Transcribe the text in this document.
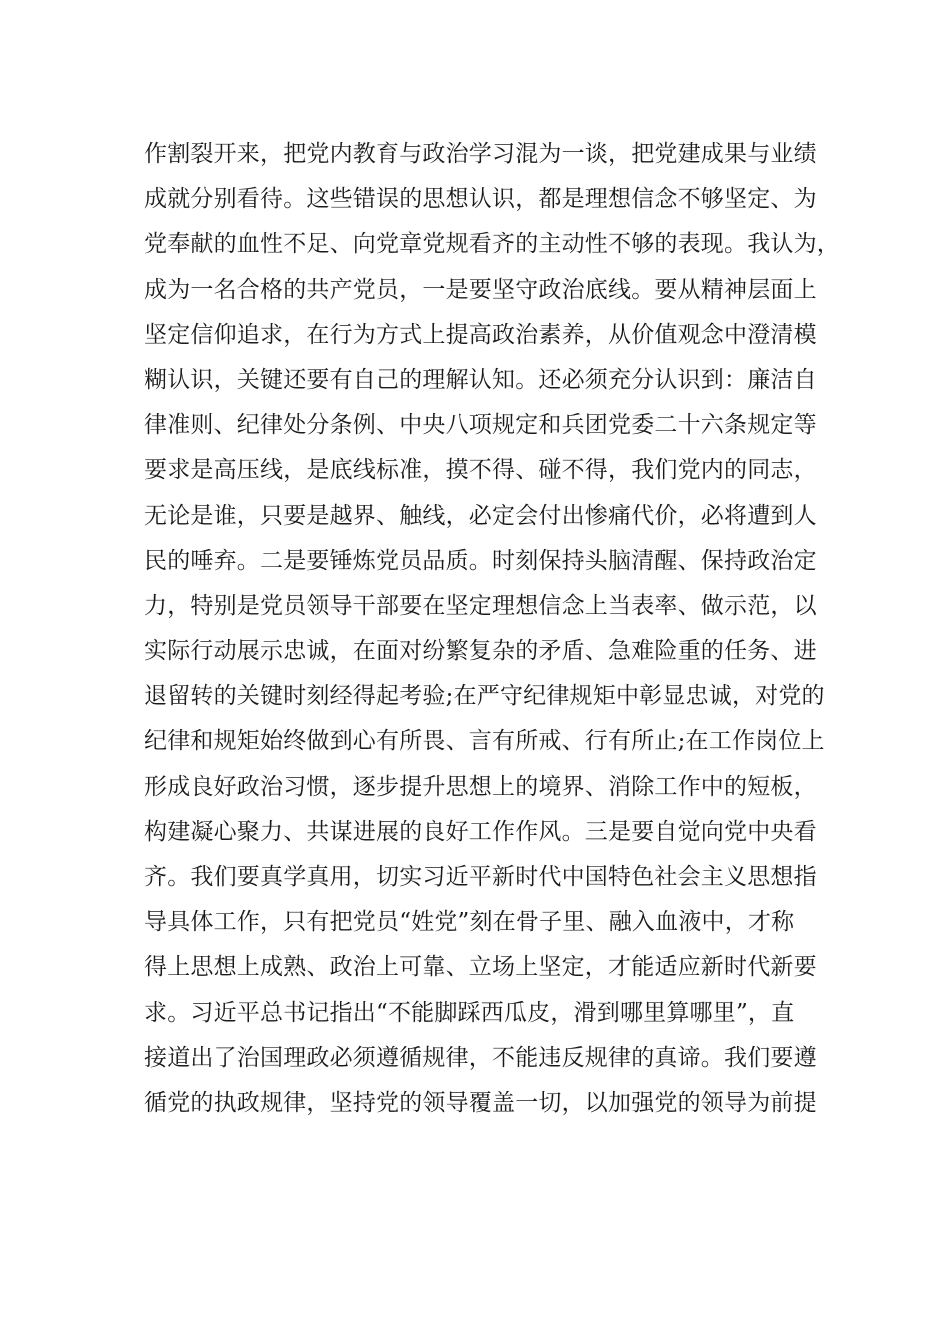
作割裂开来，把党内教育与政治学习混为一谈，把党建成果与业绩
成就分别看待。这些错误的思想认识，都是理想信念不够坚定、为
党奉献的血性不足、向党章党规看齐的主动性不够的表现。我认为，
成为一名合格的共产党员，一是要坚守政治底线。要从精神层面上
坚定信仰追求，在行为方式上提高政治素养，从价值观念中澄清模
糊认识，关键还要有自己的理解认知。还必须充分认识到：廉洁自
律准则、纪律处分条例、中央八项规定和兵团党委二十六条规定等
要求是高压线，是底线标准，摸不得、碰不得，我们党内的同志，
无论是谁，只要是越界、触线，必定会付出惨痛代价，必将遭到人
民的唾弃。二是要锤炼党员品质。时刻保持头脑清醒、保持政治定
力，特别是党员领导干部要在坚定理想信念上当表率、做示范，以
实际行动展示忠诚，在面对纷繁复杂的矛盾、急难险重的任务、进
退留转的关键时刻经得起考验;在严守纪律规矩中彰显忠诚，对党的
纪律和规矩始终做到心有所畏、言有所戒、行有所止;在工作岗位上
形成良好政治习惯，逐步提升思想上的境界、消除工作中的短板，
构建凝心聚力、共谋进展的良好工作作风。三是要自觉向党中央看
齐。我们要真学真用，切实习近平新时代中国特色社会主义思想指
导具体工作，只有把党员“姓党”刻在骨子里、融入血液中，才称
得上思想上成熟、政治上可靠、立场上坚定，才能适应新时代新要
求。习近平总书记指出“不能脚踩西瓜皮，滑到哪里算哪里”，直
接道出了治国理政必须遵循规律，不能违反规律的真谛。我们要遵
循党的执政规律，坚持党的领导覆盖一切，以加强党的领导为前提
